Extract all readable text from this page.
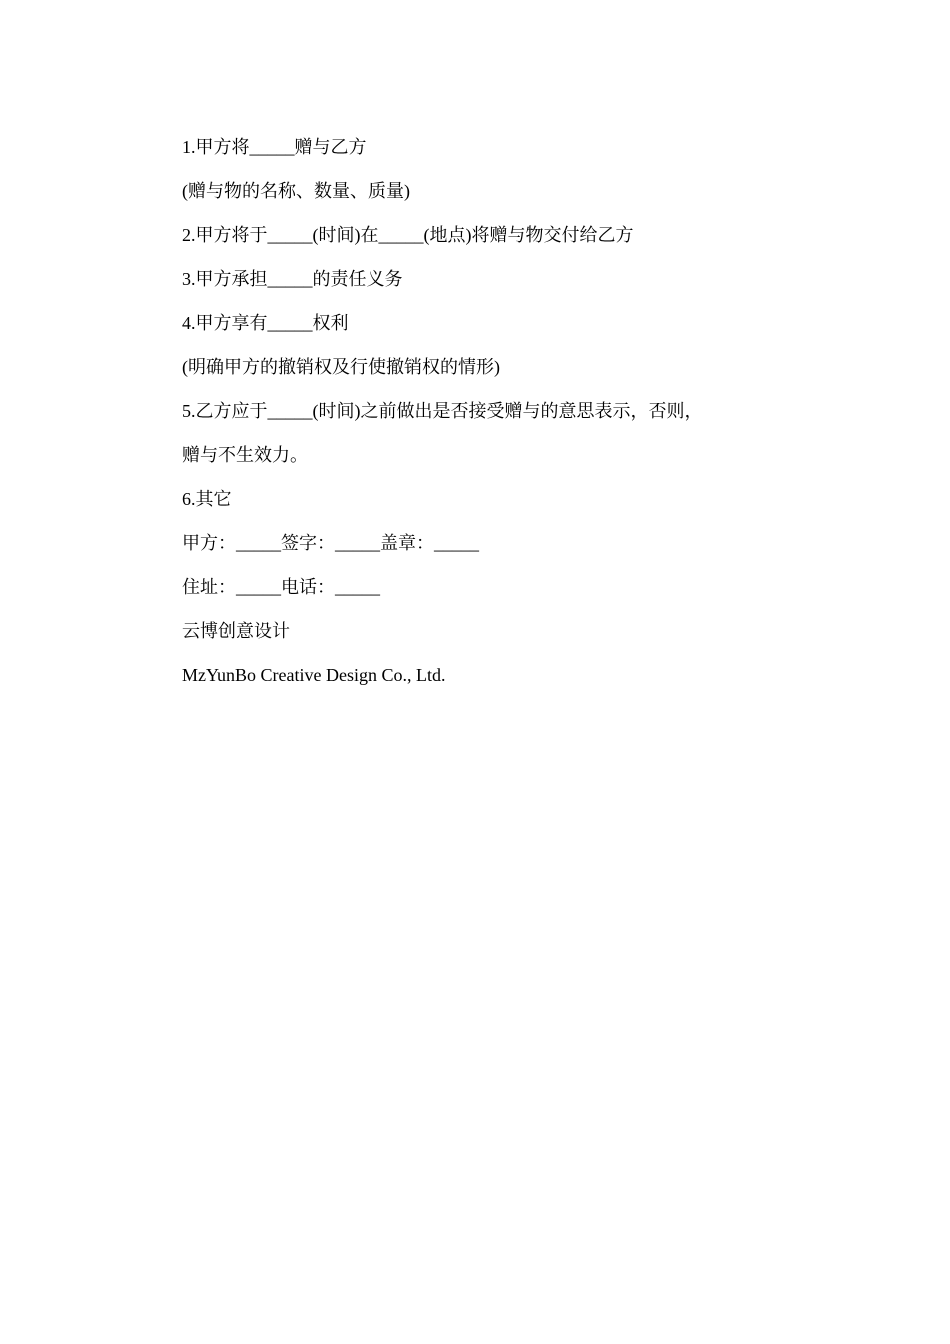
1.甲方将_____赠与乙方
(赠与物的名称、数量、质量)
2.甲方将于_____(时间)在_____(地点)将赠与物交付给乙方
3.甲方承担_____的责任义务
4.甲方享有_____权利
(明确甲方的撤销权及行使撤销权的情形)
5.乙方应于_____(时间)之前做出是否接受赠与的意思表示，否则，
赠与不生效力。
6.其它
甲方：_____签字：_____盖章：_____
住址：_____电话：_____
云博创意设计
MzYunBo Creative Design Co., Ltd.
